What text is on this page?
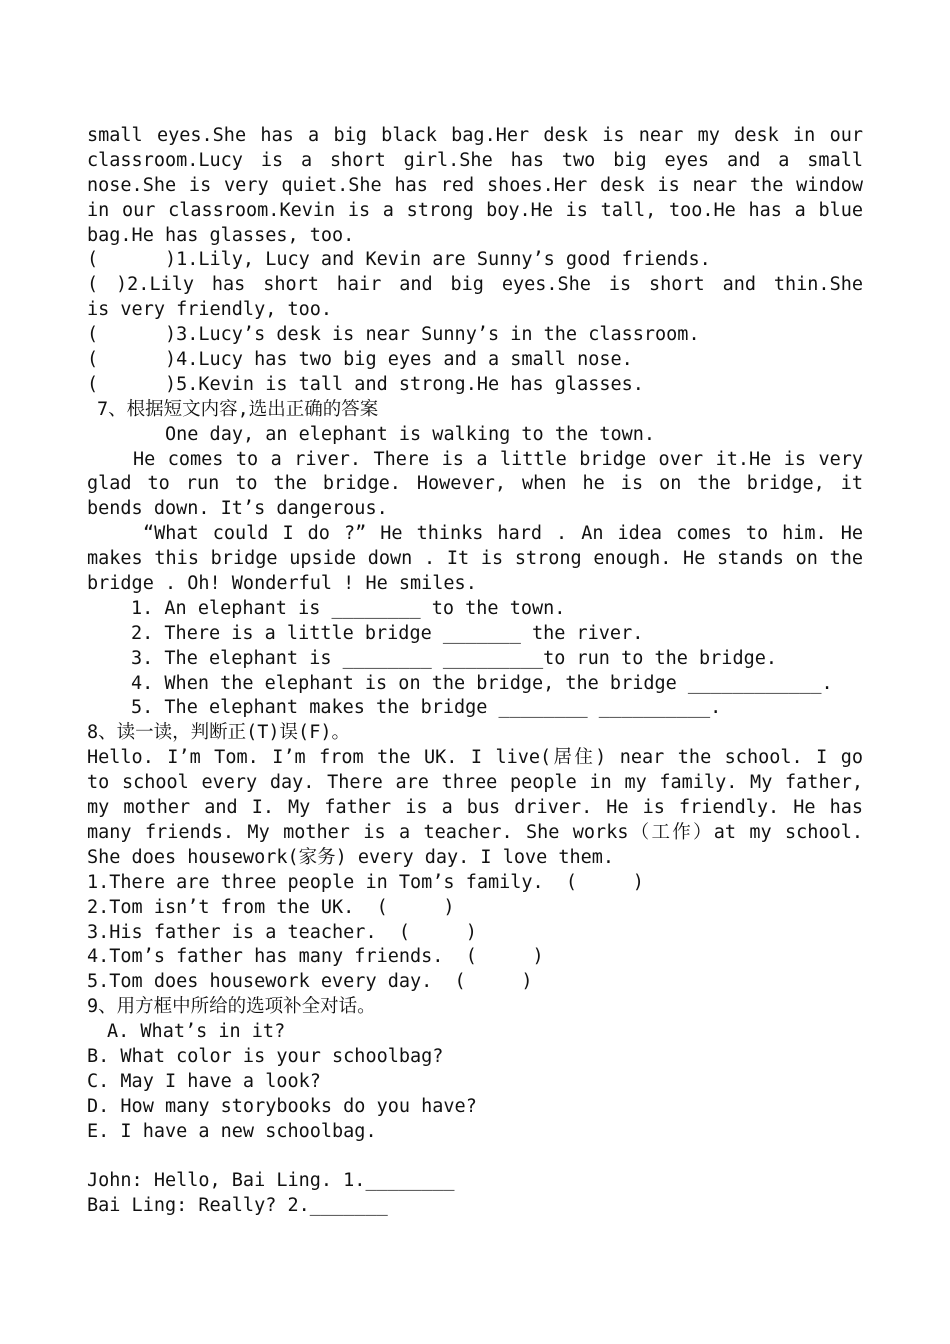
small eyes.She has a big black bag.Her desk is near my desk in our
classroom.Lucy is a short girl.She has two big eyes and a small
nose.She is very quiet.She has red shoes.Her desk is near the window
in our classroom.Kevin is a strong boy.He is tall, too.He has a blue
bag.He has glasses, too.
(      )1.Lily, Lucy and Kevin are Sunny’s good friends.
( )2.Lily has short hair and big eyes.She is short and thin.She
is very friendly, too.
(      )3.Lucy’s desk is near Sunny’s in the classroom.
(      )4.Lucy has two big eyes and a small nose.
(      )5.Kevin is tall and strong.He has glasses.
7、根据短文内容,选出正确的答案
One day, an elephant is walking to the town.
He comes to a river. There is a little bridge over it.He is very
glad to run to the bridge. However, when he is on the bridge, it
bends down. It’s dangerous.
“What could I do ?” He thinks hard . An idea comes to him. He
makes this bridge upside down . It is strong enough. He stands on the
bridge . Oh! Wonderful ! He smiles.
1. An elephant is ________ to the town.
2. There is a little bridge _______ the river.
3. The elephant is ________ _________to run to the bridge.
4. When the elephant is on the bridge, the bridge ____________.
5. The elephant makes the bridge ________ __________.
8、读一读，判断正(T)误(F)。
Hello. I’m Tom. I’m from the UK. I live(居住) near the school. I go
to school every day. There are three people in my family. My father,
my mother and I. My father is a bus driver. He is friendly. He has
many friends. My mother is a teacher. She works（工作）at my school.
She does housework(家务) every day. I love them.
1.There are three people in Tom’s family.  (     )
2.Tom isn’t from the UK.  (     )
3.His father is a teacher.  (     )
4.Tom’s father has many friends.  (     )
5.Tom does housework every day.  (     )
9、用方框中所给的选项补全对话。
A. What’s in it?
B. What color is your schoolbag?
C. May I have a look?
D. How many storybooks do you have?
E. I have a new schoolbag.
John: Hello, Bai Ling. 1.________
Bai Ling: Really? 2._______
